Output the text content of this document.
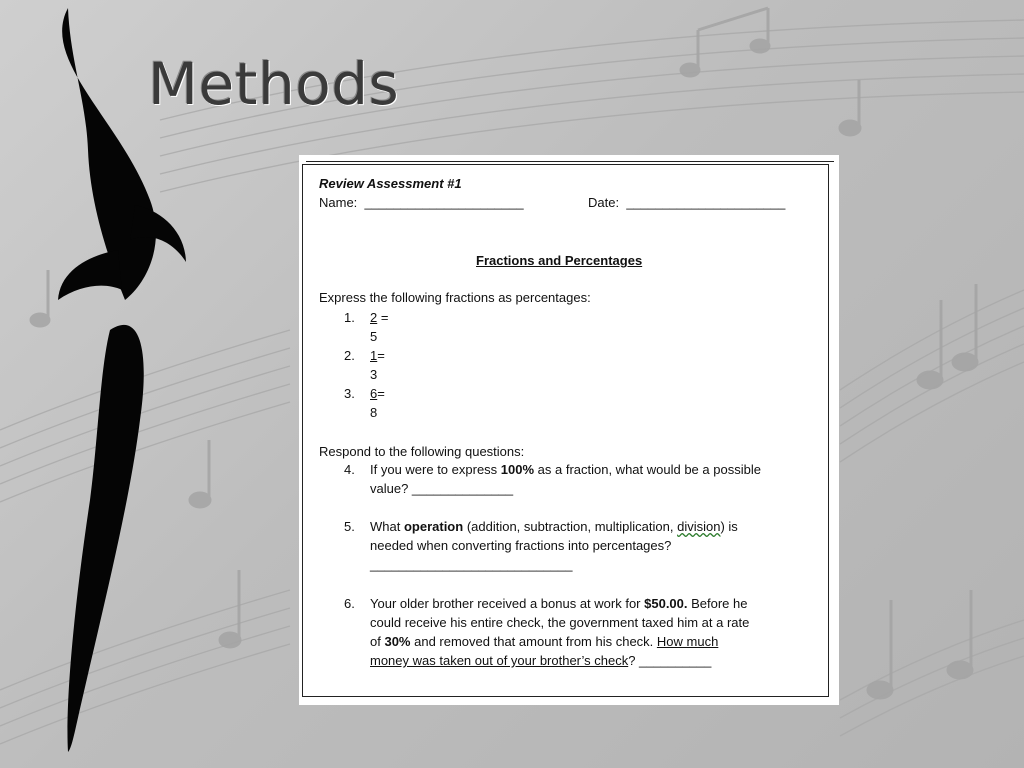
Methods
Review Assessment #1
Name: ______________________	Date: ______________________
Fractions and Percentages
Express the following fractions as percentages:
1. 2 =
5
2. 1=
3
3. 6=
8
Respond to the following questions:
4. If you were to express 100% as a fraction, what would be a possible
value? ______________
5. What operation (addition, subtraction, multiplication, division) is
needed when converting fractions into percentages?
____________________________
6. Your older brother received a bonus at work for $50.00. Before he
could receive his entire check, the government taxed him at a rate
of 30% and removed that amount from his check. How much
money was taken out of your brother’s check? __________
